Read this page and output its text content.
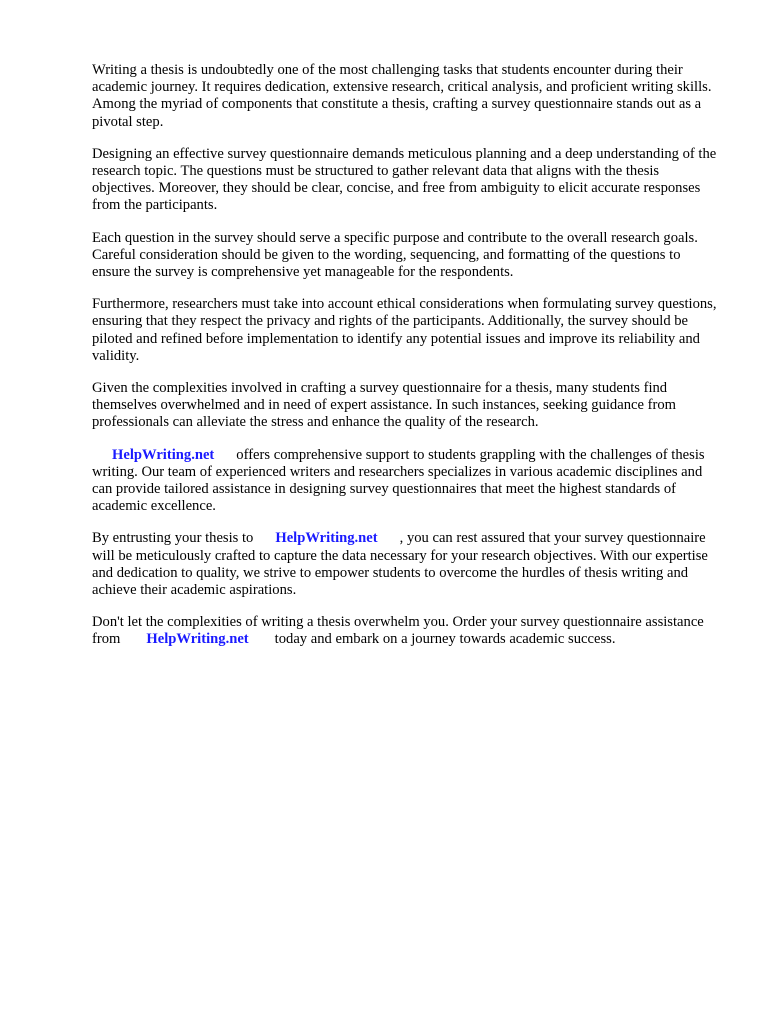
Writing a thesis is undoubtedly one of the most challenging tasks that students encounter during their academic journey. It requires dedication, extensive research, critical analysis, and proficient writing skills. Among the myriad of components that constitute a thesis, crafting a survey questionnaire stands out as a pivotal step.

Designing an effective survey questionnaire demands meticulous planning and a deep understanding of the research topic. The questions must be structured to gather relevant data that aligns with the thesis objectives. Moreover, they should be clear, concise, and free from ambiguity to elicit accurate responses from the participants.

Each question in the survey should serve a specific purpose and contribute to the overall research goals. Careful consideration should be given to the wording, sequencing, and formatting of the questions to ensure the survey is comprehensive yet manageable for the respondents.

Furthermore, researchers must take into account ethical considerations when formulating survey questions, ensuring that they respect the privacy and rights of the participants. Additionally, the survey should be piloted and refined before implementation to identify any potential issues and improve its reliability and validity.

Given the complexities involved in crafting a survey questionnaire for a thesis, many students find themselves overwhelmed and in need of expert assistance. In such instances, seeking guidance from professionals can alleviate the stress and enhance the quality of the research.

HelpWriting.net offers comprehensive support to students grappling with the challenges of thesis writing. Our team of experienced writers and researchers specializes in various academic disciplines and can provide tailored assistance in designing survey questionnaires that meet the highest standards of academic excellence.

By entrusting your thesis to HelpWriting.net , you can rest assured that your survey questionnaire will be meticulously crafted to capture the data necessary for your research objectives. With our expertise and dedication to quality, we strive to empower students to overcome the hurdles of thesis writing and achieve their academic aspirations.

Don't let the complexities of writing a thesis overwhelm you. Order your survey questionnaire assistance from HelpWriting.net today and embark on a journey towards academic success.
